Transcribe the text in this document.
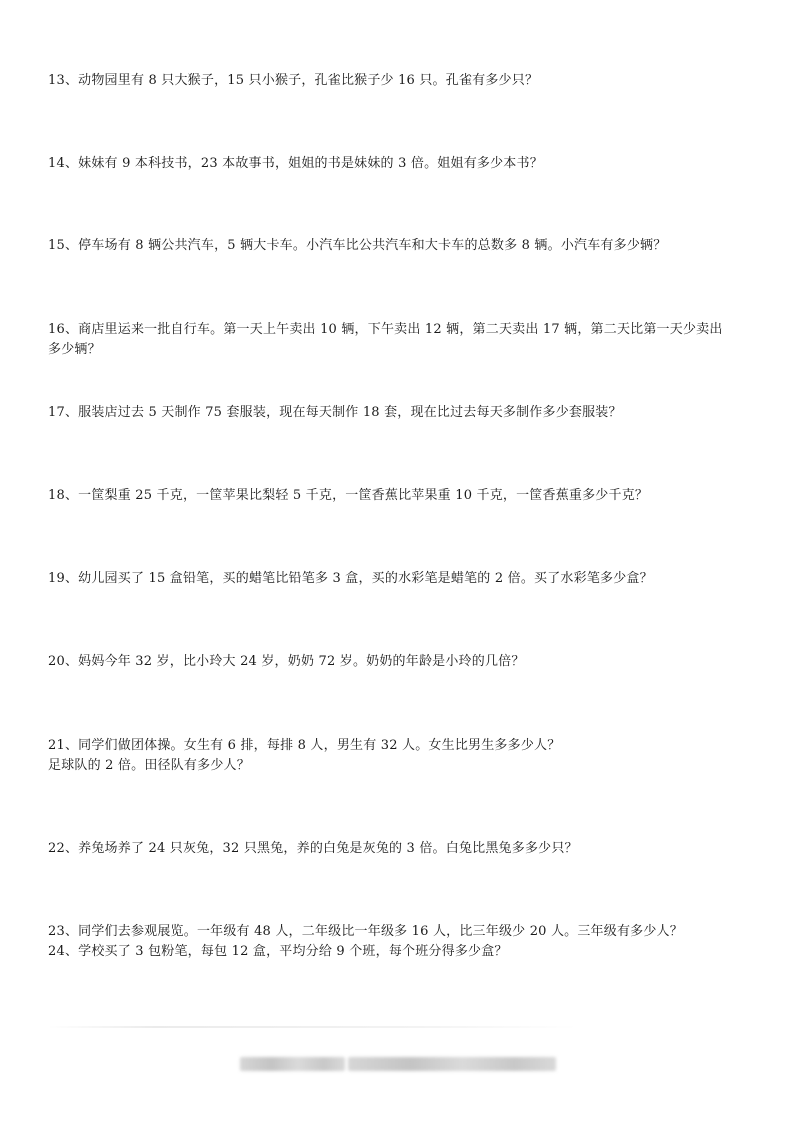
13、动物园里有 8 只大猴子，15 只小猴子，孔雀比猴子少 16 只。孔雀有多少只？
14、妹妹有 9 本科技书，23 本故事书，姐姐的书是妹妹的 3 倍。姐姐有多少本书？
15、停车场有 8 辆公共汽车，5 辆大卡车。小汽车比公共汽车和大卡车的总数多 8 辆。小汽车有多少辆？
16、商店里运来一批自行车。第一天上午卖出 10 辆，下午卖出 12 辆，第二天卖出 17 辆，第二天比第一天少卖出
多少辆？
17、服装店过去 5 天制作 75 套服装，现在每天制作 18 套，现在比过去每天多制作多少套服装？
18、一筐梨重 25 千克，一筐苹果比梨轻 5 千克，一筐香蕉比苹果重 10 千克，一筐香蕉重多少千克？
19、幼儿园买了 15 盒铅笔，买的蜡笔比铅笔多 3 盒，买的水彩笔是蜡笔的 2 倍。买了水彩笔多少盒？
20、妈妈今年 32 岁，比小玲大 24 岁，奶奶 72 岁。奶奶的年龄是小玲的几倍？
21、同学们做团体操。女生有 6 排，每排 8 人，男生有 32 人。女生比男生多多少人？
足球队的 2 倍。田径队有多少人？
22、养兔场养了 24 只灰兔，32 只黑兔，养的白兔是灰兔的 3 倍。白兔比黑兔多多少只？
23、同学们去参观展览。一年级有 48 人，二年级比一年级多 16 人，比三年级少 20 人。三年级有多少人？
24、学校买了 3 包粉笔，每包 12 盒，平均分给 9 个班，每个班分得多少盒？
